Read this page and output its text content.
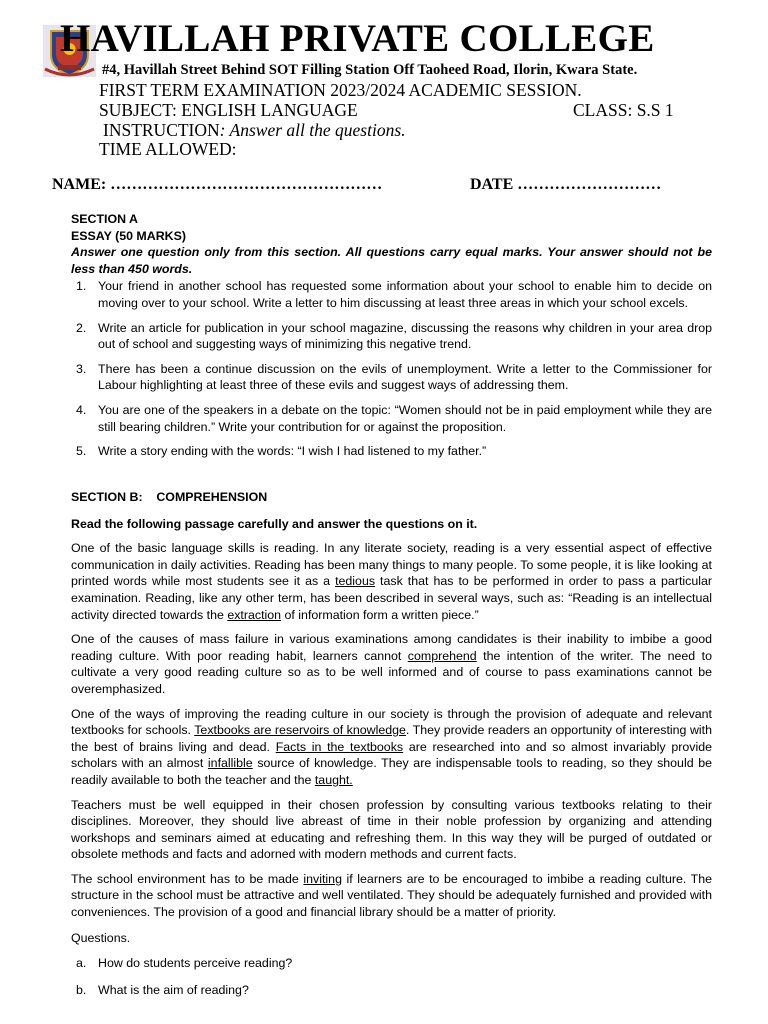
HAVILLAH PRIVATE COLLEGE
#4, Havillah Street Behind SOT Filling Station Off Taoheed Road, Ilorin, Kwara State.
FIRST TERM EXAMINATION 2023/2024 ACADEMIC SESSION.
SUBJECT: ENGLISH LANGUAGE	CLASS: S.S 1
INSTRUCTION: Answer all the questions.
TIME ALLOWED:
NAME: ……………………………………………	DATE ………………………

SECTION A

ESSAY (50 MARKS)

Answer one question only from this section. All questions carry equal marks. Your answer should not be less than 450 words.

1. Your friend in another school has requested some information about your school to enable him to decide on moving over to your school. Write a letter to him discussing at least three areas in which your school excels.
2. Write an article for publication in your school magazine, discussing the reasons why children in your area drop out of school and suggesting ways of minimizing this negative trend.
3. There has been a continue discussion on the evils of unemployment. Write a letter to the Commissioner for Labour highlighting at least three of these evils and suggest ways of addressing them.
4. You are one of the speakers in a debate on the topic: “Women should not be in paid employment while they are still bearing children.” Write your contribution for or against the proposition.
5. Write a story ending with the words: “I wish I had listened to my father.”

SECTION B:    COMPREHENSION

Read the following passage carefully and answer the questions on it.

One of the basic language skills is reading. In any literate society, reading is a very essential aspect of effective communication in daily activities. Reading has been many things to many people. To some people, it is like looking at printed words while most students see it as a tedious task that has to be performed in order to pass a particular examination. Reading, like any other term, has been described in several ways, such as: “Reading is an intellectual activity directed towards the extraction of information form a written piece.”

One of the causes of mass failure in various examinations among candidates is their inability to imbibe a good reading culture. With poor reading habit, learners cannot comprehend the intention of the writer. The need to cultivate a very good reading culture so as to be well informed and of course to pass examinations cannot be overemphasized.

One of the ways of improving the reading culture in our society is through the provision of adequate and relevant textbooks for schools. Textbooks are reservoirs of knowledge. They provide readers an opportunity of interesting with the best of brains living and dead. Facts in the textbooks are researched into and so almost invariably provide scholars with an almost infallible source of knowledge. They are indispensable tools to reading, so they should be readily available to both the teacher and the taught.

Teachers must be well equipped in their chosen profession by consulting various textbooks relating to their disciplines. Moreover, they should live abreast of time in their noble profession by organizing and attending workshops and seminars aimed at educating and refreshing them. In this way they will be purged of outdated or obsolete methods and facts and adorned with modern methods and current facts.

The school environment has to be made inviting if learners are to be encouraged to imbibe a reading culture. The structure in the school must be attractive and well ventilated. They should be adequately furnished and provided with conveniences. The provision of a good and financial library should be a matter of priority.

Questions.

a. How do students perceive reading?
b. What is the aim of reading?
